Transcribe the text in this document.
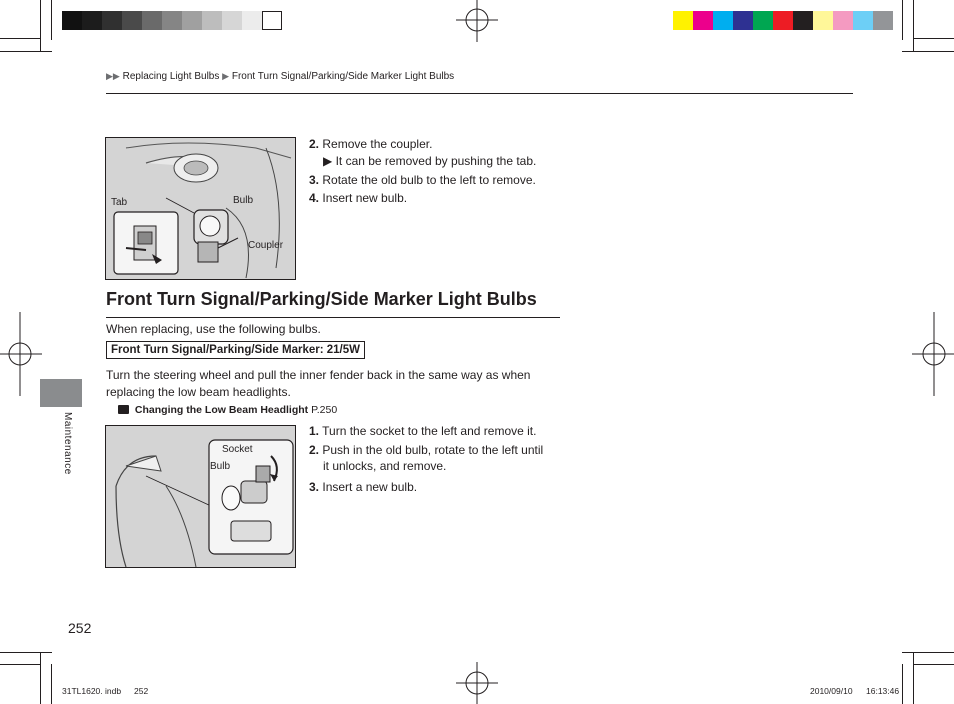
▶▶ Replacing Light Bulbs ▶ Front Turn Signal/Parking/Side Marker Light Bulbs
Maintenance
Tab	Bulb
Coupler
2. Remove the coupler.
▶ It can be removed by pushing the tab.
3. Rotate the old bulb to the left to remove.
4. Insert new bulb.
Front Turn Signal/Parking/Side Marker Light Bulbs
When replacing, use the following bulbs.
Front Turn Signal/Parking/Side Marker: 21/5W
Turn the steering wheel and pull the inner fender back in the same way as when
replacing the low beam headlights.
Changing the Low Beam Headlight P.250
Socket
Bulb
1. Turn the socket to the left and remove it.
2. Push in the old bulb, rotate to the left until
it unlocks, and remove.
3. Insert a new bulb.
252
31TL1620. indb 252	2010/09/10 16:13:46
